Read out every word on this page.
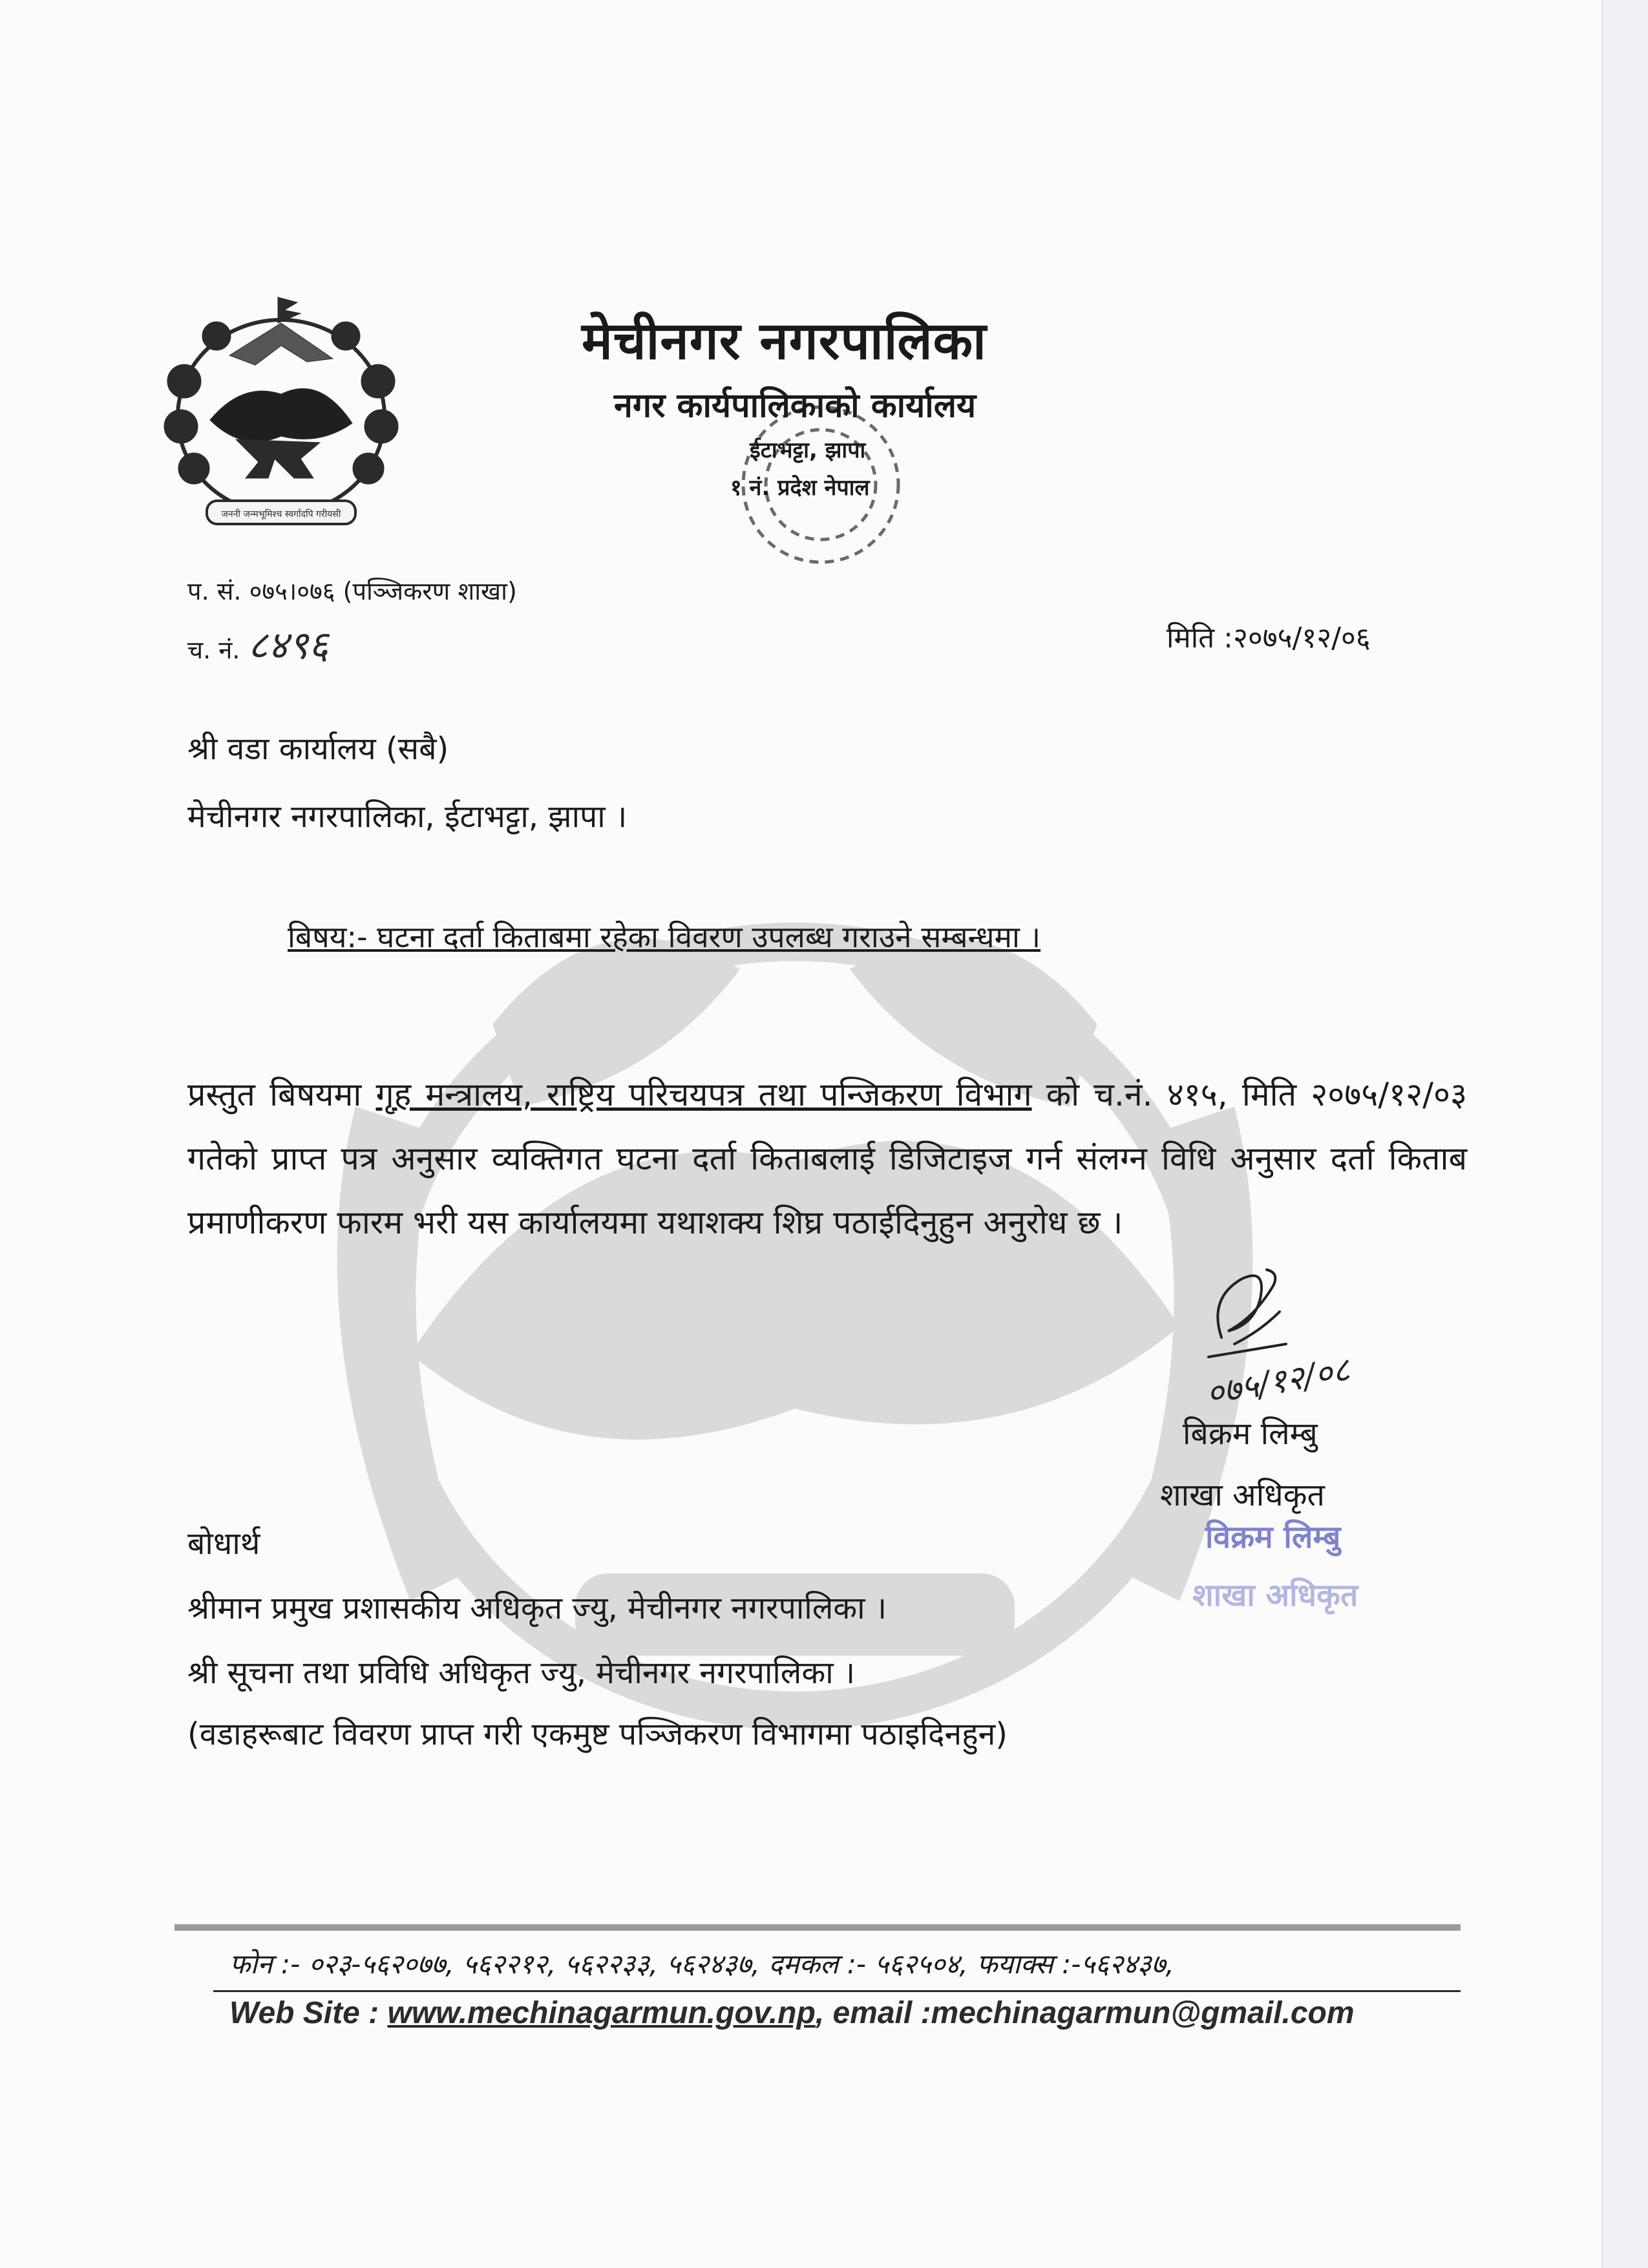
जननी जन्मभूमिश्च स्वर्गादपि गरीयसी
मेचीनगर नगरपालिका
नगर कार्यपालिकाको कार्यालय
ईटाभट्टा, झापा
१ नं. प्रदेश नेपाल
प. सं. ०७५।०७६ (पञ्जिकरण शाखा)
च. नं. ८४९६	मिति :२०७५/१२/०६
श्री वडा कार्यालय (सबै)
मेचीनगर नगरपालिका, ईटाभट्टा, झापा ।
बिषय:- घटना दर्ता किताबमा रहेका विवरण उपलब्ध गराउने सम्बन्धमा ।
प्रस्तुत बिषयमा गृह मन्त्रालय, राष्ट्रिय परिचयपत्र तथा पन्जिकरण विभाग को च.नं. ४१५, मिति २०७५/१२/०३ गतेको प्राप्त पत्र अनुसार व्यक्तिगत घटना दर्ता किताबलाई डिजिटाइज गर्न संलग्न विधि अनुसार दर्ता किताब प्रमाणीकरण फारम भरी यस कार्यालयमा यथाशक्य शिघ्र पठाईदिनुहुन अनुरोध छ ।
०७५/१२/०८
बिक्रम लिम्बु
शाखा अधिकृत
विक्रम लिम्बु
शाखा अधिकृत
बोधार्थ
श्रीमान प्रमुख प्रशासकीय अधिकृत ज्यु, मेचीनगर नगरपालिका ।
श्री सूचना तथा प्रविधि अधिकृत ज्यु, मेचीनगर नगरपालिका ।
(वडाहरूबाट विवरण प्राप्त गरी एकमुष्ट पञ्जिकरण विभागमा पठाइदिनहुन)
फोन :- ०२३-५६२०७७, ५६२२१२, ५६२२३३, ५६२४३७, दमकल :- ५६२५०४, फयाक्स :-५६२४३७,
Web Site : www.mechinagarmun.gov.np, email :mechinagarmun@gmail.com
